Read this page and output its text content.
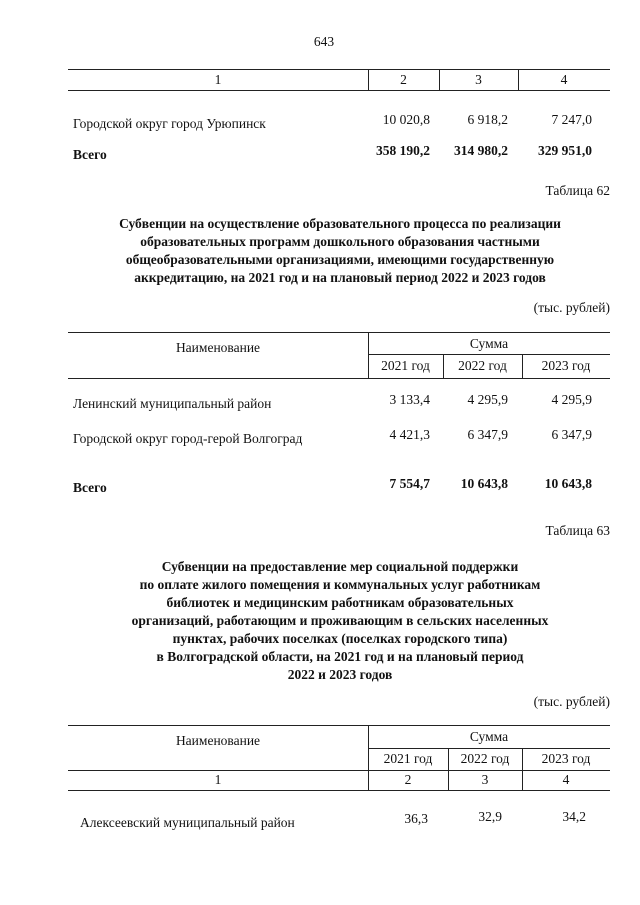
643
1	2	3	4
Городской округ город Урюпинск	10 020,8	6 918,2	7 247,0
Всего	358 190,2	314 980,2	329 951,0
Таблица 62
Субвенции на осуществление образовательного процесса по реализации
образовательных программ дошкольного образования частными
общеобразовательными организациями, имеющими государственную
аккредитацию, на 2021 год и на плановый период 2022 и 2023 годов
(тыс. рублей)
Наименование	Сумма
2021 год	2022 год	2023 год
Ленинский муниципальный район	3 133,4	4 295,9	4 295,9
Городской округ город-герой Волгоград	4 421,3	6 347,9	6 347,9
Всего	7 554,7	10 643,8	10 643,8
Таблица 63
Субвенции на предоставление мер социальной поддержки
по оплате жилого помещения и коммунальных услуг работникам
библиотек и медицинским работникам образовательных
организаций, работающим и проживающим в сельских населенных
пунктах, рабочих поселках (поселках городского типа)
в Волгоградской области, на 2021 год и на плановый период
2022 и 2023 годов
(тыс. рублей)
Наименование	Сумма
2021 год	2022 год	2023 год
1	2	3	4
Алексеевский муниципальный район	36,3	32,9	34,2
